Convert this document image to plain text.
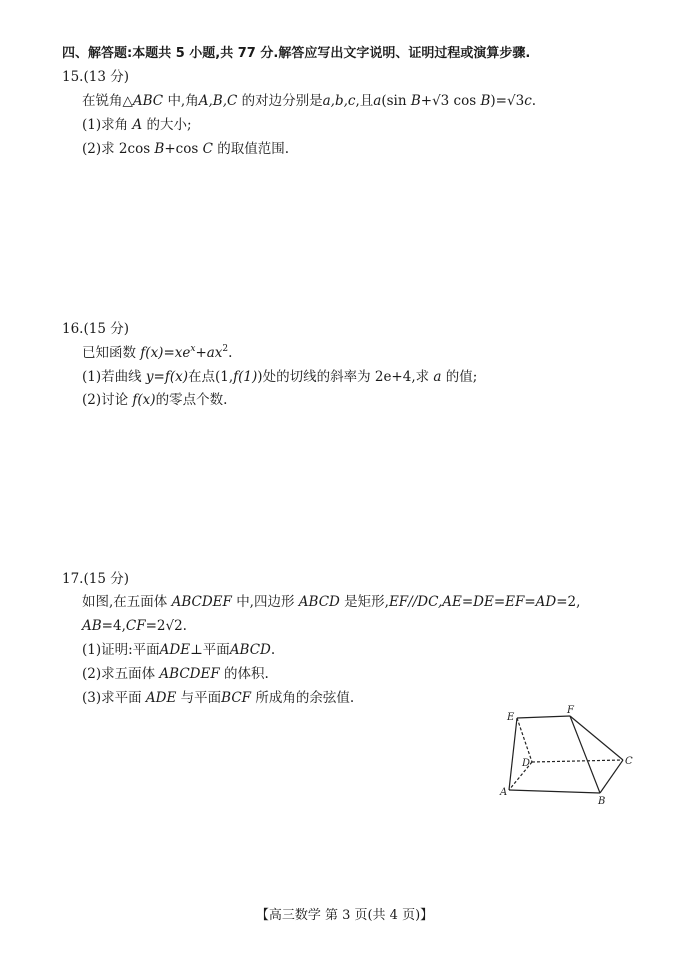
四、解答题:本题共 5 小题,共 77 分.解答应写出文字说明、证明过程或演算步骤.
15.(13 分)
在锐角△ABC 中,角A,B,C 的对边分别是a,b,c,且a(sin B+√3 cos B)=√3c.
(1)求角 A 的大小;
(2)求 2cos B+cos C 的取值范围.
16.(15 分)
已知函数 $f(x)=xe^x+ax^2$.
(1)若曲线 y=f(x)在点(1,f(1))处的切线的斜率为 2e+4,求 a 的值;
(2)讨论 f(x)的零点个数.
17.(15 分)
如图,在五面体 ABCDEF 中,四边形 ABCD 是矩形,EF//DC,AE=DE=EF=AD=2,
AB=4,CF=2√2.
(1)证明:平面ADE⊥平面ABCD.
(2)求五面体 ABCDEF 的体积.
(3)求平面 ADE 与平面BCF 所成角的余弦值.
E
F
D	C
A
B
【高三数学 第 3 页(共 4 页)】
